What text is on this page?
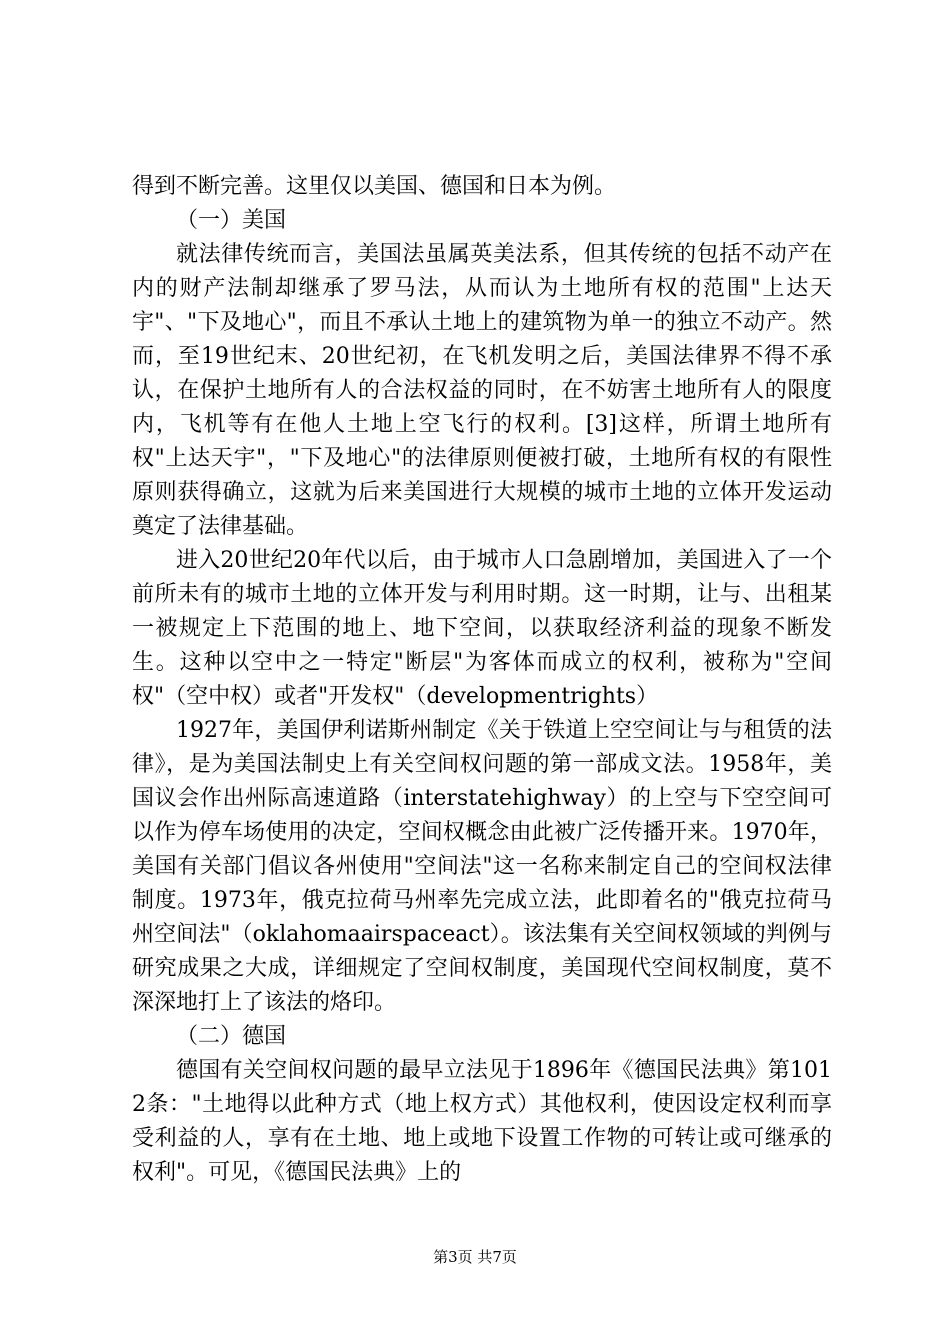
得到不断完善。这里仅以美国、德国和日本为例。

（一）美国

就法律传统而言，美国法虽属英美法系，但其传统的包括不动产在内的财产法制却继承了罗马法，从而认为土地所有权的范围"上达天宇"、"下及地心"，而且不承认土地上的建筑物为单一的独立不动产。然而，至19世纪末、20世纪初，在飞机发明之后，美国法律界不得不承认，在保护土地所有人的合法权益的同时，在不妨害土地所有人的限度内，飞机等有在他人土地上空飞行的权利。[3]这样，所谓土地所有权"上达天宇"，"下及地心"的法律原则便被打破，土地所有权的有限性原则获得确立，这就为后来美国进行大规模的城市土地的立体开发运动奠定了法律基础。

进入20世纪20年代以后，由于城市人口急剧增加，美国进入了一个前所未有的城市土地的立体开发与利用时期。这一时期，让与、出租某一被规定上下范围的地上、地下空间，以获取经济利益的现象不断发生。这种以空中之一特定"断层"为客体而成立的权利，被称为"空间权"（空中权）或者"开发权"（developmentrights）

1927年，美国伊利诺斯州制定《关于铁道上空空间让与与租赁的法律》，是为美国法制史上有关空间权问题的第一部成文法。1958年，美国议会作出州际高速道路（interstatehighway）的上空与下空空间可以作为停车场使用的决定，空间权概念由此被广泛传播开来。1970年，美国有关部门倡议各州使用"空间法"这一名称来制定自己的空间权法律制度。1973年，俄克拉荷马州率先完成立法，此即着名的"俄克拉荷马州空间法"（oklahomaairspaceact）。该法集有关空间权领域的判例与研究成果之大成，详细规定了空间权制度，美国现代空间权制度，莫不深深地打上了该法的烙印。

（二）德国

德国有关空间权问题的最早立法见于1896年《德国民法典》第1012条："土地得以此种方式（地上权方式）其他权利，使因设定权利而享受利益的人，享有在土地、地上或地下设置工作物的可转让或可继承的权利"。可见，《德国民法典》上的

第3页 共7页
